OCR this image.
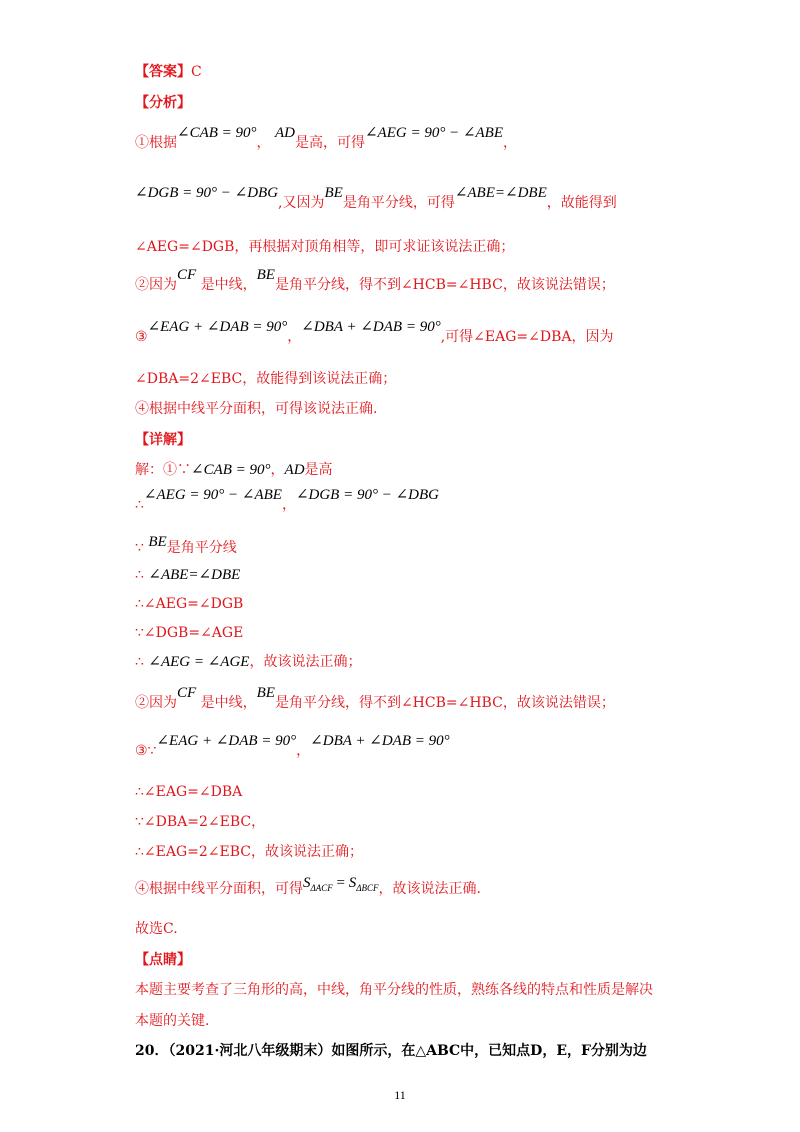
【答案】C
【分析】
①根据∠CAB = 90°， AD是高，可得∠AEG = 90° − ∠ABE，
∠DGB = 90° − ∠DBG,又因为BE是角平分线，可得∠ABE=∠DBE，故能得到
∠AEG=∠DGB，再根据对顶角相等，即可求证该说法正确；
②因为CF 是中线，BE是角平分线，得不到∠HCB=∠HBC，故该说法错误；
③∠EAG + ∠DAB = 90°，∠DBA + ∠DAB = 90°,可得∠EAG=∠DBA，因为
∠DBA=2∠EBC，故能得到该说法正确；
④根据中线平分面积，可得该说法正确.
【详解】
解：①∵∠CAB = 90°，AD是高
∴∠AEG = 90° − ∠ABE，∠DGB = 90° − ∠DBG
∵ BE是角平分线
∴ ∠ABE=∠DBE
∴∠AEG=∠DGB
∵∠DGB=∠AGE
∴ ∠AEG = ∠AGE，故该说法正确；
②因为CF 是中线，BE是角平分线，得不到∠HCB=∠HBC，故该说法错误；
③∵∠EAG + ∠DAB = 90°，∠DBA + ∠DAB = 90°
∴∠EAG=∠DBA
∵∠DBA=2∠EBC，
∴∠EAG=2∠EBC，故该说法正确；
④根据中线平分面积，可得$S_{\Delta ACF} = S_{\Delta BCF}$，故该说法正确.
故选C.
【点睛】
本题主要考查了三角形的高，中线，角平分线的性质，熟练各线的特点和性质是解决
本题的关键.
20．（2021·河北八年级期末）如图所示，在△ABC中，已知点D，E，F分别为边
11
